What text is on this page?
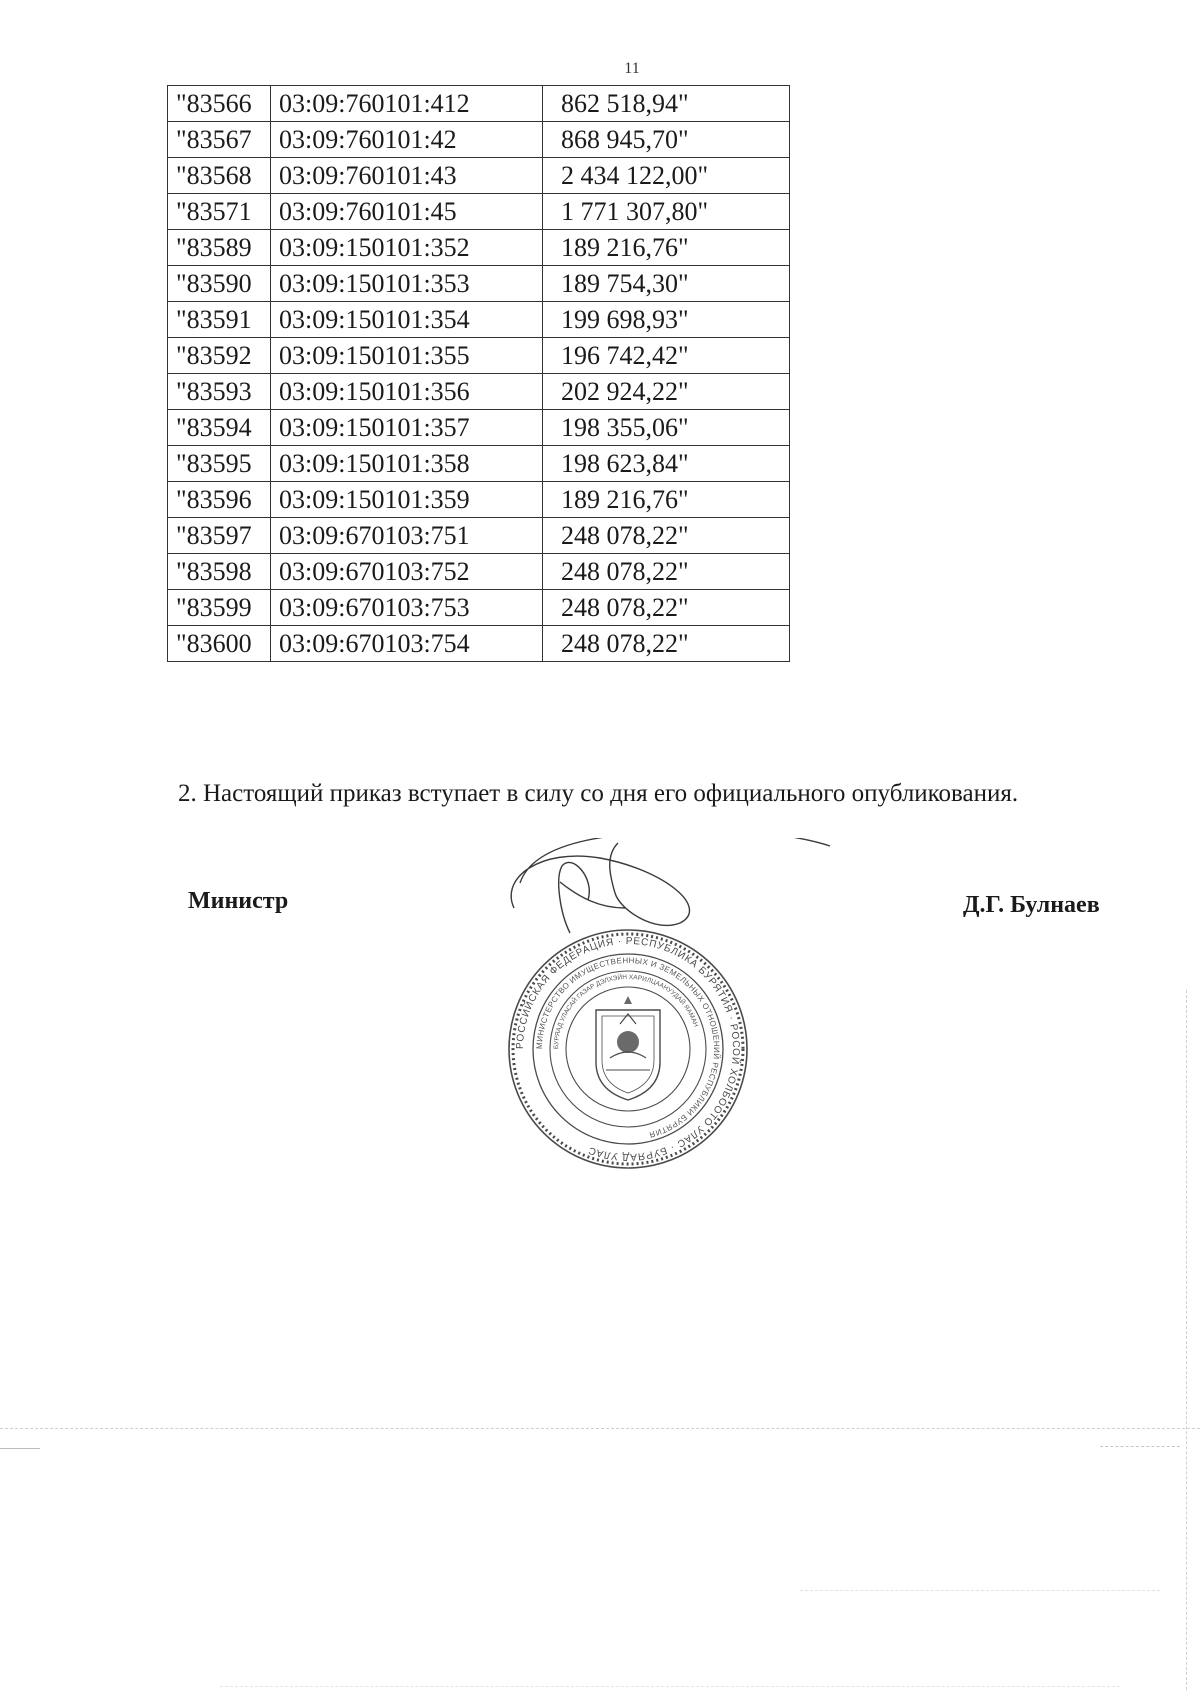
11
"83566	03:09:760101:412	862 518,94"
"83567	03:09:760101:42	868 945,70"
"83568	03:09:760101:43	2 434 122,00"
"83571	03:09:760101:45	1 771 307,80"
"83589	03:09:150101:352	189 216,76"
"83590	03:09:150101:353	189 754,30"
"83591	03:09:150101:354	199 698,93"
"83592	03:09:150101:355	196 742,42"
"83593	03:09:150101:356	202 924,22"
"83594	03:09:150101:357	198 355,06"
"83595	03:09:150101:358	198 623,84"
"83596	03:09:150101:359	189 216,76"
"83597	03:09:670103:751	248 078,22"
"83598	03:09:670103:752	248 078,22"
"83599	03:09:670103:753	248 078,22"
"83600	03:09:670103:754	248 078,22"
2. Настоящий приказ вступает в силу со дня его официального опубликования.
Министр	Д.Г. Булнаев
РОССИЙСКАЯ ФЕДЕРАЦИЯ · РЕСПУБЛИКА БУРЯТИЯ · РОСОЙ ХОЛБООТО УЛАС · БУРЯАД УЛАС
МИНИСТЕРСТВО ИМУЩЕСТВЕННЫХ И ЗЕМЕЛЬНЫХ ОТНОШЕНИЙ РЕСПУБЛИКИ БУРЯТИЯ
БУРЯАД УЛАСАЙ ГАЗАР ДЭЛХЭЙН ХАРИЛЦААНУУДАЙ ЯАМАН
